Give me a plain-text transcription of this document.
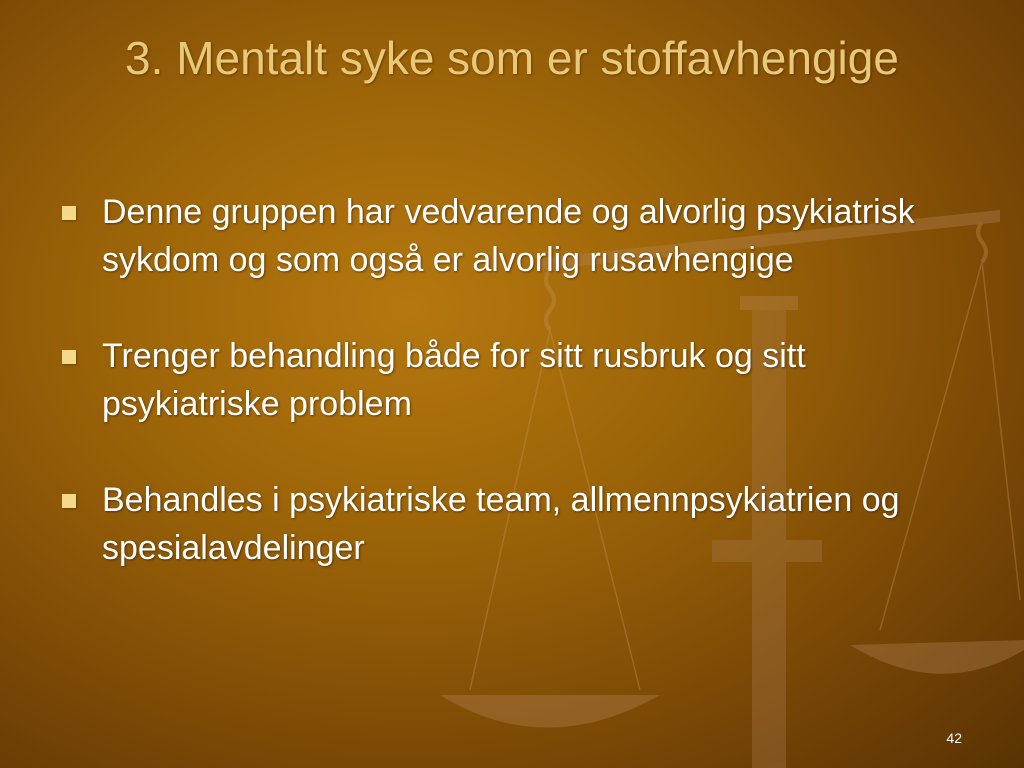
3. Mentalt syke som er stoffavhengige
Denne gruppen har vedvarende og alvorlig psykiatrisk sykdom og som også er alvorlig rusavhengige
Trenger behandling både for sitt rusbruk og sitt psykiatriske problem
Behandles i psykiatriske team, allmennpsykiatrien og spesialavdelinger
42
